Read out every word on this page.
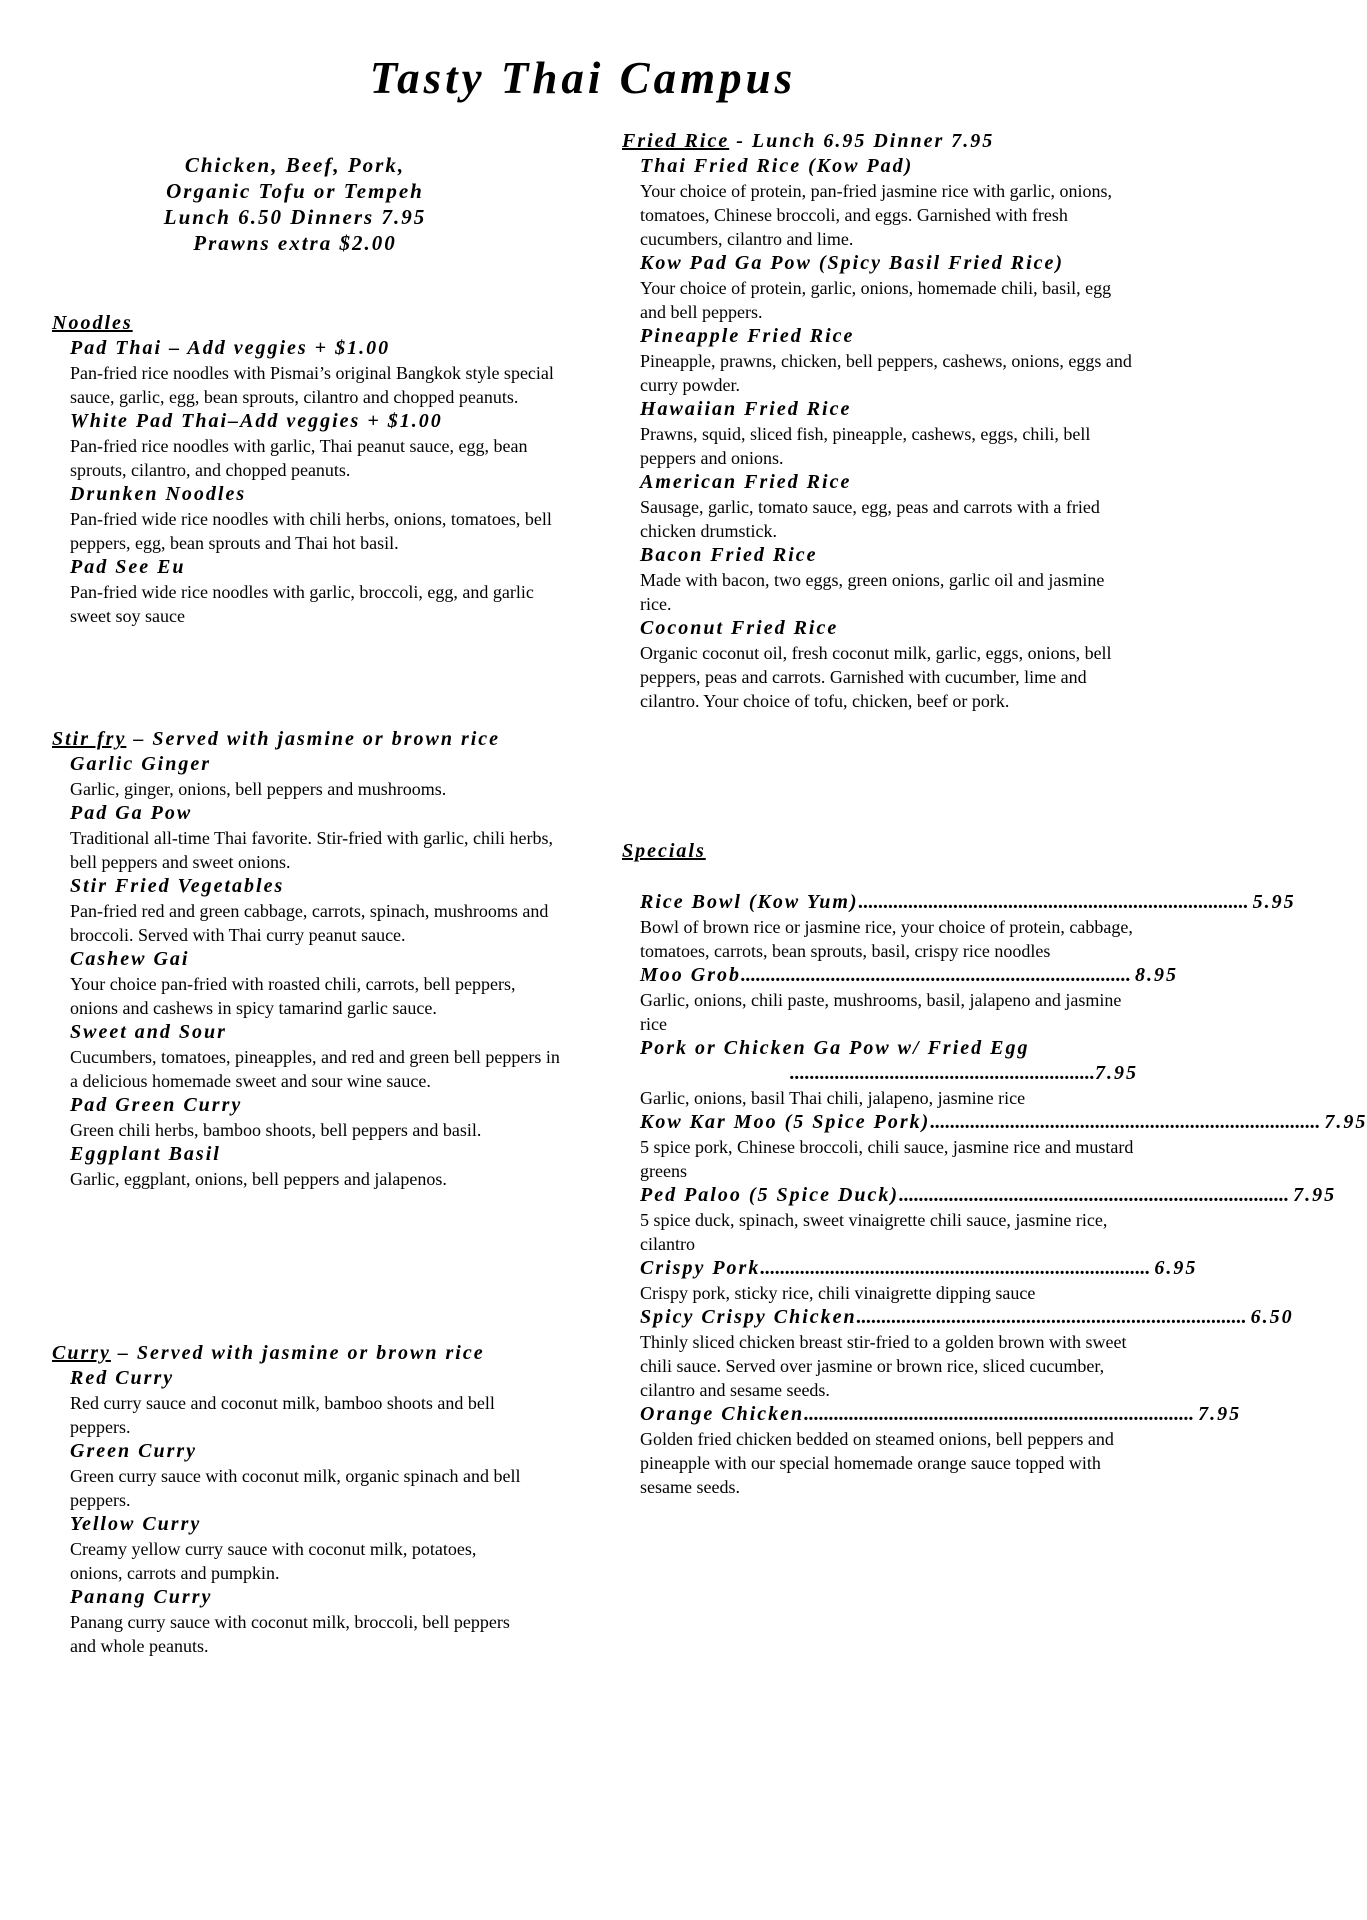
Tasty Thai Campus
Chicken, Beef, Pork,
Organic Tofu or Tempeh
Lunch 6.50 Dinners 7.95
Prawns extra $2.00
Noodles
Pad Thai – Add veggies + $1.00
Pan-fried rice noodles with Pismai’s original Bangkok style special sauce, garlic, egg, bean sprouts, cilantro and chopped peanuts.
White Pad Thai–Add veggies + $1.00
Pan-fried rice noodles with garlic, Thai peanut sauce, egg, bean sprouts, cilantro, and chopped peanuts.
Drunken Noodles
Pan-fried wide rice noodles with chili herbs, onions, tomatoes, bell peppers, egg, bean sprouts and Thai hot basil.
Pad See Eu
Pan-fried wide rice noodles with garlic, broccoli, egg, and garlic sweet soy sauce
Stir fry – Served with jasmine or brown rice
Garlic Ginger
Garlic, ginger, onions, bell peppers and mushrooms.
Pad Ga Pow
Traditional all-time Thai favorite. Stir-fried with garlic, chili herbs, bell peppers and sweet onions.
Stir Fried Vegetables
Pan-fried red and green cabbage, carrots, spinach, mushrooms and broccoli. Served with Thai curry peanut sauce.
Cashew Gai
Your choice pan-fried with roasted chili, carrots, bell peppers, onions and cashews in spicy tamarind garlic sauce.
Sweet and Sour
Cucumbers, tomatoes, pineapples, and red and green bell peppers in a delicious homemade sweet and sour wine sauce.
Pad Green Curry
Green chili herbs, bamboo shoots, bell peppers and basil.
Eggplant Basil
Garlic, eggplant, onions, bell peppers and jalapenos.
Curry – Served with jasmine or brown rice
Red Curry
Red curry sauce and coconut milk, bamboo shoots and bell peppers.
Green Curry
Green curry sauce with coconut milk, organic spinach and bell peppers.
Yellow Curry
Creamy yellow curry sauce with coconut milk, potatoes, onions, carrots and pumpkin.
Panang Curry
Panang curry sauce with coconut milk, broccoli, bell peppers and whole peanuts.
Fried Rice - Lunch 6.95 Dinner 7.95
Thai Fried Rice (Kow Pad)
Your choice of protein, pan-fried jasmine rice with garlic, onions, tomatoes, Chinese broccoli, and eggs. Garnished with fresh cucumbers, cilantro and lime.
Kow Pad Ga Pow (Spicy Basil Fried Rice)
Your choice of protein, garlic, onions, homemade chili, basil, egg and bell peppers.
Pineapple Fried Rice
Pineapple, prawns, chicken, bell peppers, cashews, onions, eggs and curry powder.
Hawaiian Fried Rice
Prawns, squid, sliced fish, pineapple, cashews, eggs, chili, bell peppers and onions.
American Fried Rice
Sausage, garlic, tomato sauce, egg, peas and carrots with a fried chicken drumstick.
Bacon Fried Rice
Made with bacon, two eggs, green onions, garlic oil and jasmine rice.
Coconut Fried Rice
Organic coconut oil, fresh coconut milk, garlic, eggs, onions, bell peppers, peas and carrots. Garnished with cucumber, lime and cilantro. Your choice of tofu, chicken, beef or pork.
Specials
Rice Bowl (Kow Yum) .............................................................................. 5.95
Bowl of brown rice or jasmine rice, your choice of protein, cabbage, tomatoes, carrots, bean sprouts, basil, crispy rice noodles
Moo Grob .............................................................................. 8.95
Garlic, onions, chili paste, mushrooms, basil, jalapeno and jasmine rice
Pork or Chicken Ga Pow w/ Fried Egg
.............................................................7.95
Garlic, onions, basil Thai chili, jalapeno, jasmine rice
Kow Kar Moo (5 Spice Pork) .............................................................................. 7.95
5 spice pork, Chinese broccoli, chili sauce, jasmine rice and mustard greens
Ped Paloo (5 Spice Duck) .............................................................................. 7.95
5 spice duck, spinach, sweet vinaigrette chili sauce, jasmine rice, cilantro
Crispy Pork .............................................................................. 6.95
Crispy pork, sticky rice, chili vinaigrette dipping sauce
Spicy Crispy Chicken .............................................................................. 6.50
Thinly sliced chicken breast stir-fried to a golden brown with sweet chili sauce. Served over jasmine or brown rice, sliced cucumber, cilantro and sesame seeds.
Orange Chicken .............................................................................. 7.95
Golden fried chicken bedded on steamed onions, bell peppers and pineapple with our special homemade orange sauce topped with sesame seeds.
